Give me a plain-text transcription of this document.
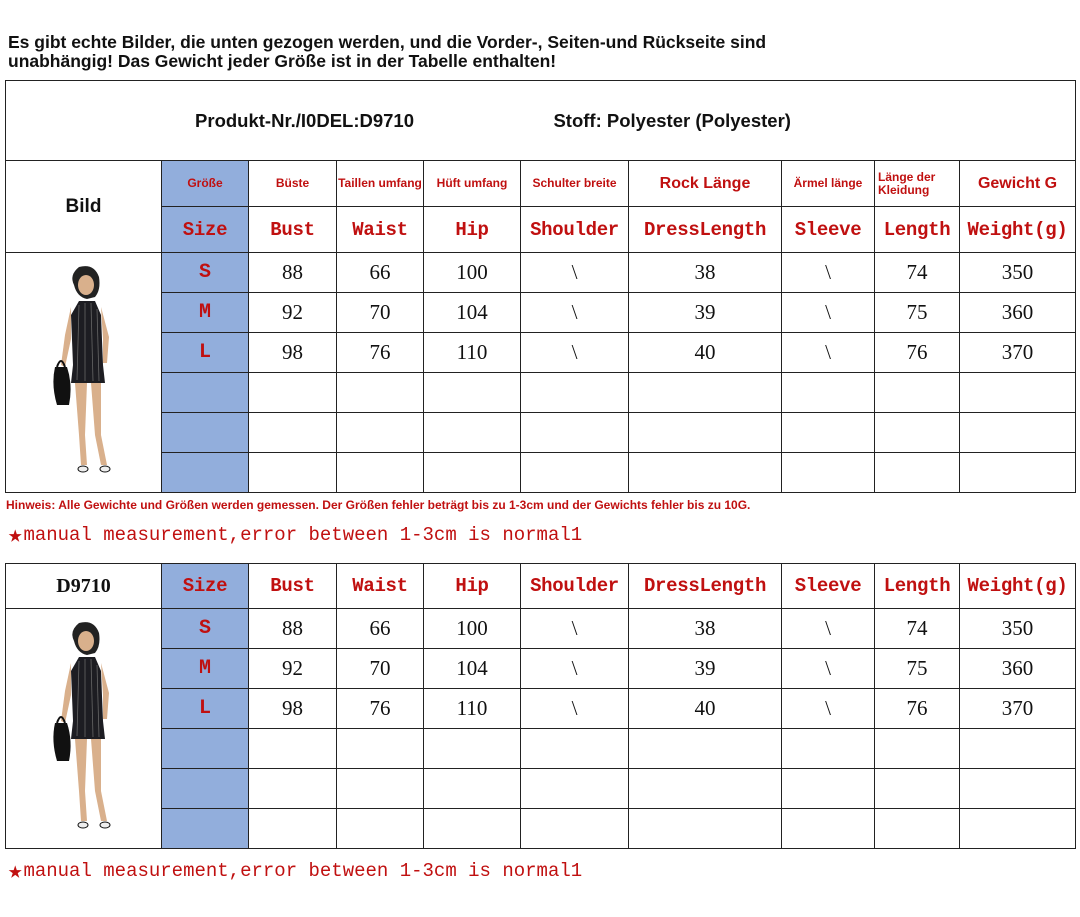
Es gibt echte Bilder, die unten gezogen werden, und die Vorder-, Seiten-und Rückseite sind
unabhängig! Das Gewicht jeder Größe ist in der Tabelle enthalten!
Produkt-Nr./I0DEL:D9710 Stoff: Polyester (Polyester)									
Bild	Größe	Büste	Taillen umfang	Hüft umfang	Schulter breite	Rock Länge	Ärmel länge	Länge der Kleidung	Gewicht G
	Size	Bust	Waist	Hip	Shoulder	DressLength	Sleeve	Length	Weight(g)

	S	88	66	100	\	38	\	74	350
	M	92	70	104	\	39	\	75	360
	L	98	76	110	\	40	\	76	370

Hinweis: Alle Gewichte und Größen werden gemessen. Der Größen fehler beträgt bis zu 1-3cm und der Gewichts fehler bis zu 10G.
★manual measurement,error between 1-3cm is normal1
D9710	Size	Bust	Waist	Hip	Shoulder	DressLength	Sleeve	Length	Weight(g)

	S	88	66	100	\	38	\	74	350
	M	92	70	104	\	39	\	75	360
	L	98	76	110	\	40	\	76	370

★manual measurement,error between 1-3cm is normal1
